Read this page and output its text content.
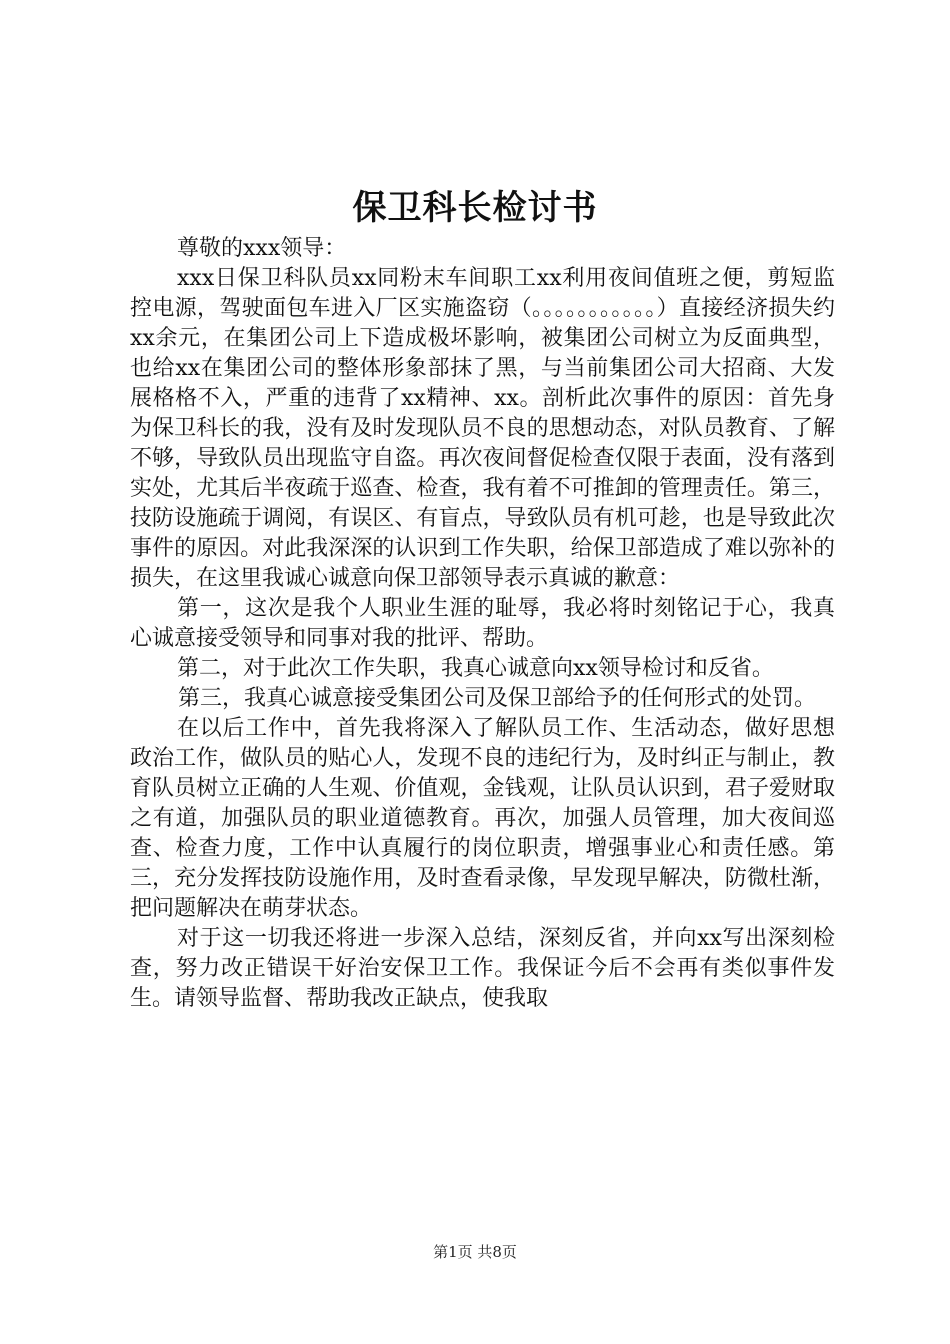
保卫科长检讨书

尊敬的xxx领导：

xxx日保卫科队员xx同粉末车间职工xx利用夜间值班之便，剪短监控电源，驾驶面包车进入厂区实施盗窃（。。。。。。。。。。。）直接经济损失约xx余元，在集团公司上下造成极坏影响，被集团公司树立为反面典型，也给xx在集团公司的整体形象部抹了黑，与当前集团公司大招商、大发展格格不入，严重的违背了xx精神、xx。剖析此次事件的原因：首先身为保卫科长的我，没有及时发现队员不良的思想动态，对队员教育、了解不够，导致队员出现监守自盗。再次夜间督促检查仅限于表面，没有落到实处，尤其后半夜疏于巡查、检查，我有着不可推卸的管理责任。第三，技防设施疏于调阅，有误区、有盲点，导致队员有机可趁，也是导致此次事件的原因。对此我深深的认识到工作失职，给保卫部造成了难以弥补的损失，在这里我诚心诚意向保卫部领导表示真诚的歉意：

第一，这次是我个人职业生涯的耻辱，我必将时刻铭记于心，我真心诚意接受领导和同事对我的批评、帮助。

第二，对于此次工作失职，我真心诚意向xx领导检讨和反省。

第三，我真心诚意接受集团公司及保卫部给予的任何形式的处罚。

在以后工作中，首先我将深入了解队员工作、生活动态，做好思想政治工作，做队员的贴心人，发现不良的违纪行为，及时纠正与制止，教育队员树立正确的人生观、价值观，金钱观，让队员认识到，君子爱财取之有道，加强队员的职业道德教育。再次，加强人员管理，加大夜间巡查、检查力度，工作中认真履行的岗位职责，增强事业心和责任感。第三，充分发挥技防设施作用，及时查看录像，早发现早解决，防微杜渐，把问题解决在萌芽状态。

对于这一切我还将进一步深入总结，深刻反省，并向xx写出深刻检查，努力改正错误干好治安保卫工作。我保证今后不会再有类似事件发生。请领导监督、帮助我改正缺点，使我取

第1页 共8页
